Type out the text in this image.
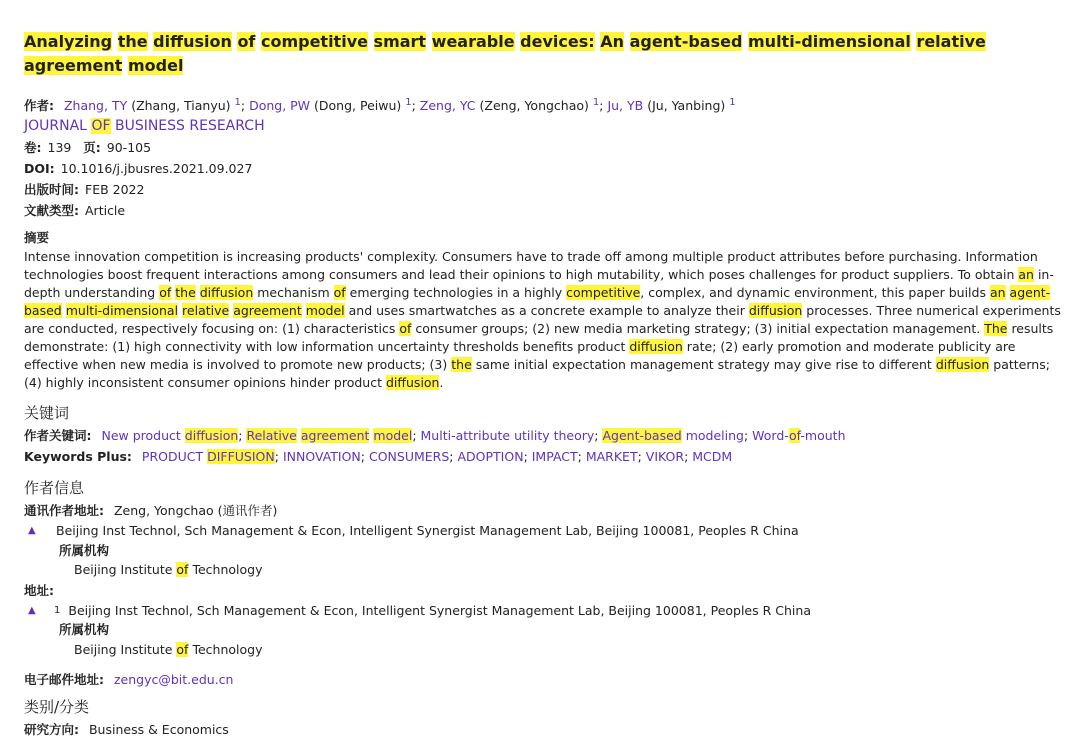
Analyzing the diffusion of competitive smart wearable devices: An agent-based multi-dimensional relative agreement model
作者: Zhang, TY (Zhang, Tianyu) $^1$; Dong, PW (Dong, Peiwu) $^1$; Zeng, YC (Zeng, Yongchao) $^1$; Ju, YB (Ju, Yanbing) $^1$
JOURNAL OF BUSINESS RESEARCH
卷: 139 页: 90-105
DOI: 10.1016/j.jbusres.2021.09.027
出版时间: FEB 2022
文献类型: Article
摘要
Intense innovation competition is increasing products' complexity. Consumers have to trade off among multiple product attributes before purchasing. Information technologies boost frequent interactions among consumers and lead their opinions to high mutability, which poses challenges for product suppliers. To obtain an in-depth understanding of the diffusion mechanism of emerging technologies in a highly competitive, complex, and dynamic environment, this paper builds an agent-based multi-dimensional relative agreement model and uses smartwatches as a concrete example to analyze their diffusion processes. Three numerical experiments are conducted, respectively focusing on: (1) characteristics of consumer groups; (2) new media marketing strategy; (3) initial expectation management. The results demonstrate: (1) high connectivity with low information uncertainty thresholds benefits product diffusion rate; (2) early promotion and moderate publicity are effective when new media is involved to promote new products; (3) the same initial expectation management strategy may give rise to different diffusion patterns; (4) highly inconsistent consumer opinions hinder product diffusion.
关键词
作者关键词: New product diffusion; Relative agreement model; Multi-attribute utility theory; Agent-based modeling; Word-of-mouth
Keywords Plus: PRODUCT DIFFUSION; INNOVATION; CONSUMERS; ADOPTION; IMPACT; MARKET; VIKOR; MCDM
作者信息
通讯作者地址: Zeng, Yongchao (通讯作者)
▲	Beijing Inst Technol, Sch Management & Econ, Intelligent Synergist Management Lab, Beijing 100081, Peoples R China
所属机构
Beijing Institute of Technology
地址:
▲	1 Beijing Inst Technol, Sch Management & Econ, Intelligent Synergist Management Lab, Beijing 100081, Peoples R China
所属机构
Beijing Institute of Technology
电子邮件地址: zengyc@bit.edu.cn
类别/分类
研究方向: Business & Economics
